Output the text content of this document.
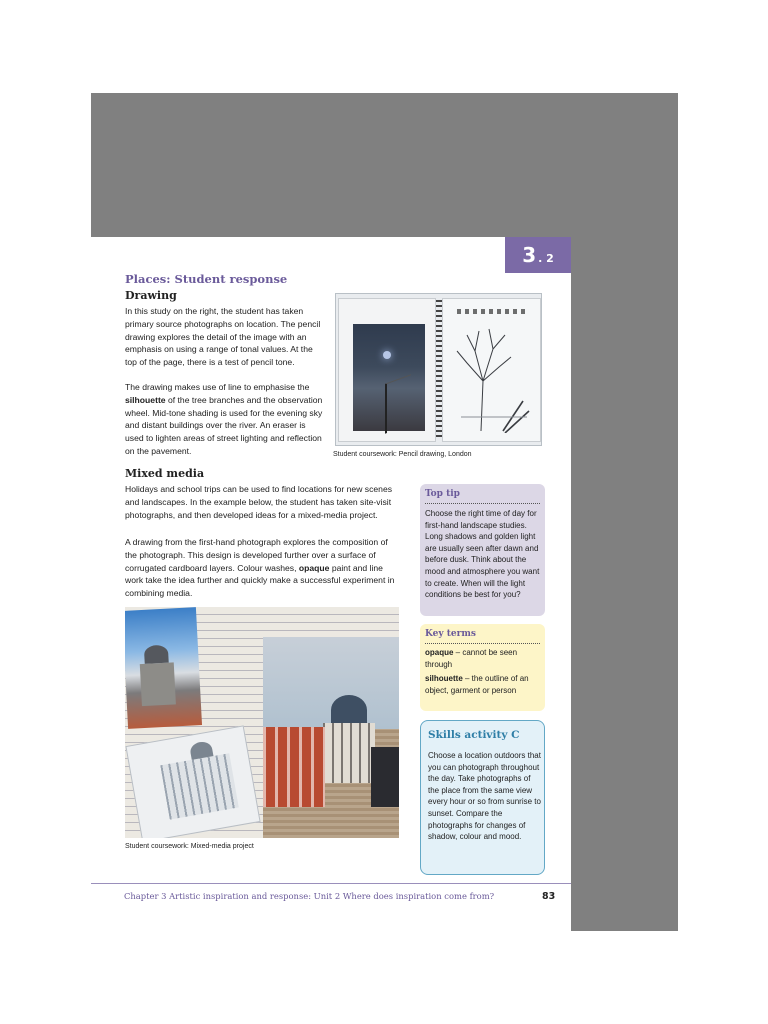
3 . 2
Places: Student response
Drawing
In this study on the right, the student has taken primary source photographs on location. The pencil drawing explores the detail of the image with an emphasis on using a range of tonal values. At the top of the page, there is a test of pencil tone.
The drawing makes use of line to emphasise the silhouette of the tree branches and the observation wheel. Mid-tone shading is used for the evening sky and distant buildings over the river. An eraser is used to lighten areas of street lighting and reflection on the pavement.	Student coursework: Pencil drawing, London
Mixed media
Holidays and school trips can be used to find locations for new scenes and landscapes. In the example below, the student has taken site-visit photographs, and then developed ideas for a mixed-media project.
A drawing from the first-hand photograph explores the composition of the photograph. This design is developed further over a surface of corrugated cardboard layers. Colour washes, opaque paint and line work take the idea further and quickly make a successful experiment in combining media.
Student coursework: Mixed-media project
Top tip
Choose the right time of day for first-hand landscape studies. Long shadows and golden light are usually seen after dawn and before dusk. Think about the mood and atmosphere you want to create. When will the light conditions be best for you?
Key terms
opaque – cannot be seen through
silhouette – the outline of an object, garment or person
Skills activity C
Choose a location outdoors that you can photograph throughout the day. Take photographs of the place from the same view every hour or so from sunrise to sunset. Compare the photographs for changes of shadow, colour and mood.
Chapter 3 Artistic inspiration and response: Unit 2 Where does inspiration come from?	83
